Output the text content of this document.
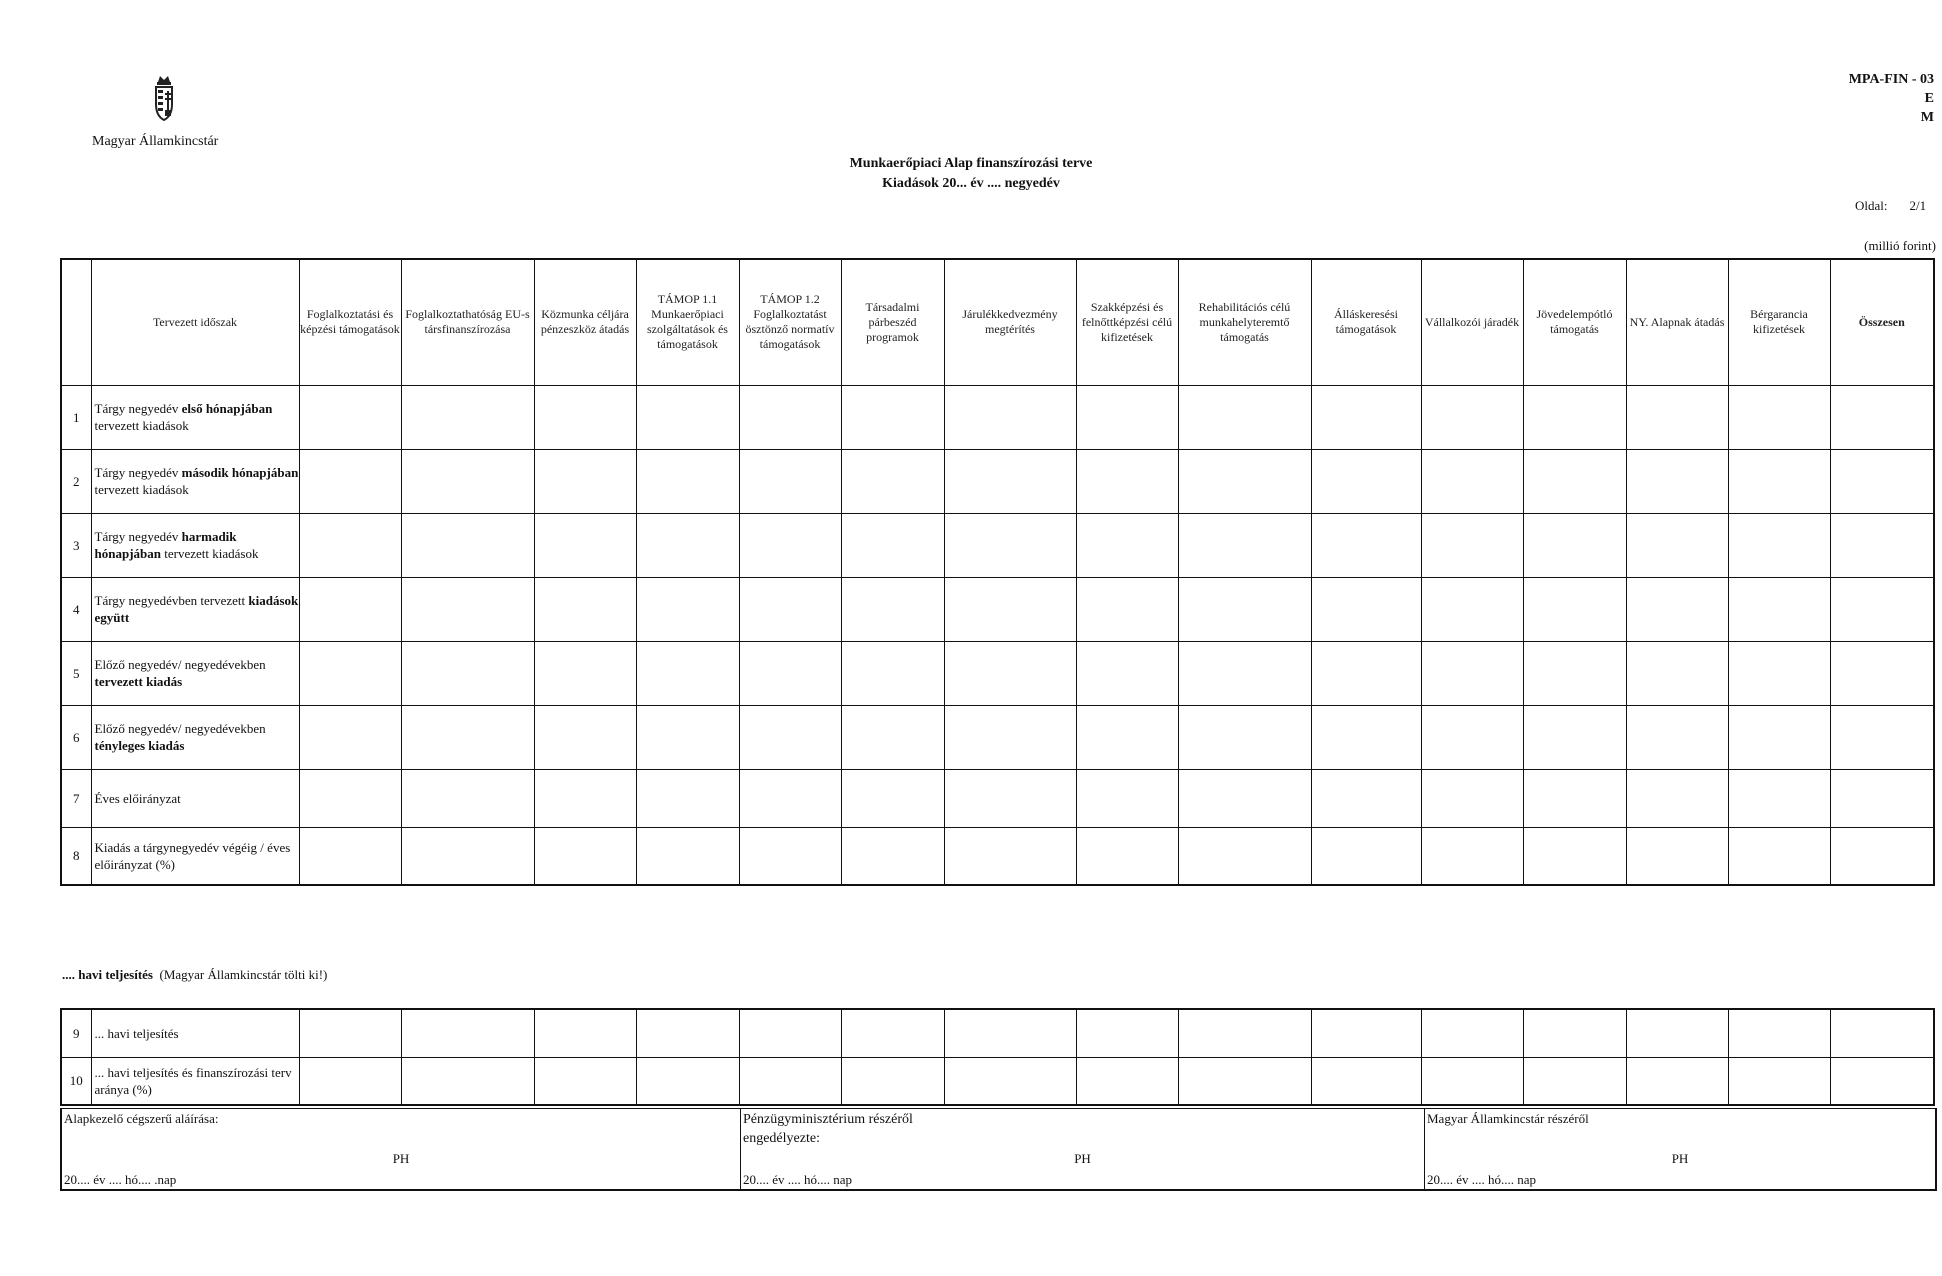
Magyar Államkincstár
MPA-FIN - 03
E
M
Munkaerőpiaci Alap finanszírozási terve
Kiadások 20... év .... negyedév
Oldal: 2/1
(millió forint)
	Tervezett időszak	Foglalkoztatási és képzési támogatások	Foglalkoztathatóság EU-s társfinanszírozása	Közmunka céljára pénzeszköz átadás	TÁMOP 1.1 Munkaerőpiaci szolgáltatások és támogatások	TÁMOP 1.2 Foglalkoztatást ösztönző normatív támogatások	Társadalmi párbeszéd programok	Járulékkedvezmény megtérítés	Szakképzési és felnőttképzési célú kifizetések	Rehabilitációs célú munkahelyteremtő támogatás	Álláskeresési támogatások	Vállalkozói járadék	Jövedelempótló támogatás	NY. Alapnak átadás	Bérgarancia kifizetések	Összesen
1	Tárgy negyedév első hónapjában tervezett kiadások															
2	Tárgy negyedév második hónapjában tervezett kiadások															
3	Tárgy negyedév harmadik hónapjában tervezett kiadások															
4	Tárgy negyedévben tervezett kiadások együtt															
5	Előző negyedév/ negyedévekben tervezett kiadás															
6	Előző negyedév/ negyedévekben tényleges kiadás															
7	Éves előirányzat															
8	Kiadás a tárgynegyedév végéig / éves előirányzat (%)															
.... havi teljesítés (Magyar Államkincstár tölti ki!)
9	... havi teljesítés															
10	... havi teljesítés és finanszírozási terv aránya (%)															
Alapkezelő cégszerű aláírása:
PH
20.... év .... hó.... .nap
Pénzügyminisztérium részéről engedélyezte:
PH
20.... év .... hó.... nap
Magyar Államkincstár részéről
PH
20.... év .... hó.... nap
